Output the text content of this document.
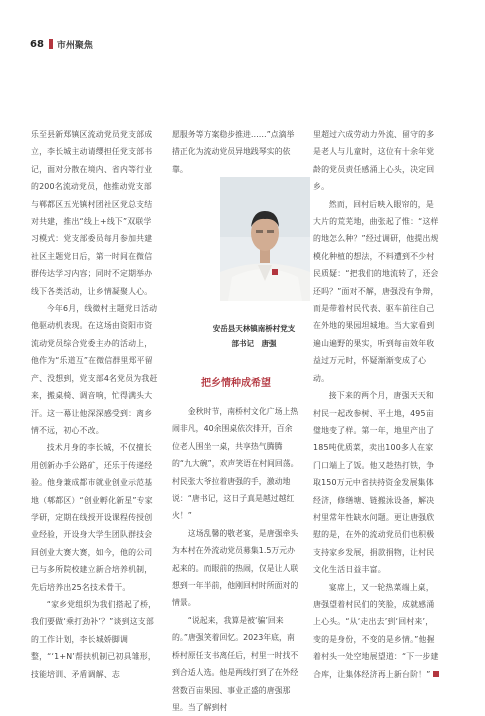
68 市州聚焦

乐至县新郑镇区流动党员党支部成立，李长城主动请缨担任党支部书记，面对分散在境内、省内等行业的200名流动党员，他推动党支部与郸都区五光镇村团社区党总支结对共建，推出“线上+线下”双联学习模式：党支部委员每月参加共建社区主题党日后，第一时间在微信群传达学习内容；同时不定期举办线下各类活动，让乡情凝聚人心。

今年6月，线微村主题党日活动他驱动机表现。在这场由资阳市资流动党员综合党委主办的活动上，他作为“乐道互”在微信群里郑平留产、没想到，党支部4名党员为我赶来，搬桌椅、调音响，忙得满头大汗。这一幕让他深深感受到：离乡情不远，初心不改。

技术月身的李长城，不仅擅长用创新办手公路矿，还乐于传递经验。他身兼成都市就业创业示范基地（郫都区）“创业孵化新星”专家学研，定期在线授开设课程传授创业经验，开设身大学生团队群技会回创业大赛大赛，如今，他的公司已与多所院校建立新合培养机制，先后培养出25名技术骨干。

“家乡党组织为我们搭起了桥，我们要做‘乘打劲补’？”谈到这支部的工作计划，李长城娇脚调整，“‘1+N’帮扶机制已初具雏形，技能培训、矛盾调解、志

愿服务等方案稳步推进……”点滴举措正化为流动党员异地践琴实的依靠。

安岳县天林镇南桥村党支
部书记　唐强
把乡情种成希望

金秋时节，南桥村文化广场上热闹非凡，40余围桌依次排开，百余位老人围坐一桌，共享热气腾腾的“九大碗”，欢声笑语在村间回荡。村民张大爷拉着唐强的手，激动地说：“唐书记，这日子真是越过越红火！”

这场乱馨的敬老宴，是唐强牵头为本村在外流动党员募集1.5万元办起来的。而眼前的热闹，仅是让人联想到一年半前，他刚回村时所面对的情景。

“说起来，我算是被‘骗’回来的。”唐强笑着回忆。2023年底，南桥村原任支书离任后，村里一时找不到合适人选。他是两线打到了在外经营数百亩果园、事业正盛的唐强那里。当了解到村

里超过六成劳动力外流、留守的多是老人与儿童时，这位有十余年党龄的党员责任感涌上心头，决定回乡。

然而，回村后映入眼帘的，是大片的荒芜地，曲张起了惟：“这样的地怎么种？”经过调研，他提出规模化种植的想法，不料遭到不少村民质疑：“把我们的地流转了，还会还吗？”面对不解，唐强没有争辩，而是带着村民代表、驱车前往自己在外地的果园坦城地。当大家看到遍山遍野的果实，听到每亩效年收益过万元时，怀疑渐渐变成了心动。

接下来的两个月，唐强天天和村民一起改参树、平土地，495亩璧地变了样。第一年，地里产出了185吨优质菜，卖出100多人在家门口端上了饭。他又趁热打铁，争取150万元中省扶持资金发展集体经济，修缮塘、链搬泳设备，解决村里常年性缺水问题。更让唐强欣慰的是，在外的流动党员们也积极支持家乡发展，捐款捐物，让村民文化生活日益丰富。

宴席上，又一轮热菜端上桌，唐强望着村民们的笑脸，成就感涌上心头。“从‘走出去’到‘回村来’，变的是身份，不变的是乡情。”他握着村头一处空地展望道：“下一步建合库，让集体经济再上新台阶！”
